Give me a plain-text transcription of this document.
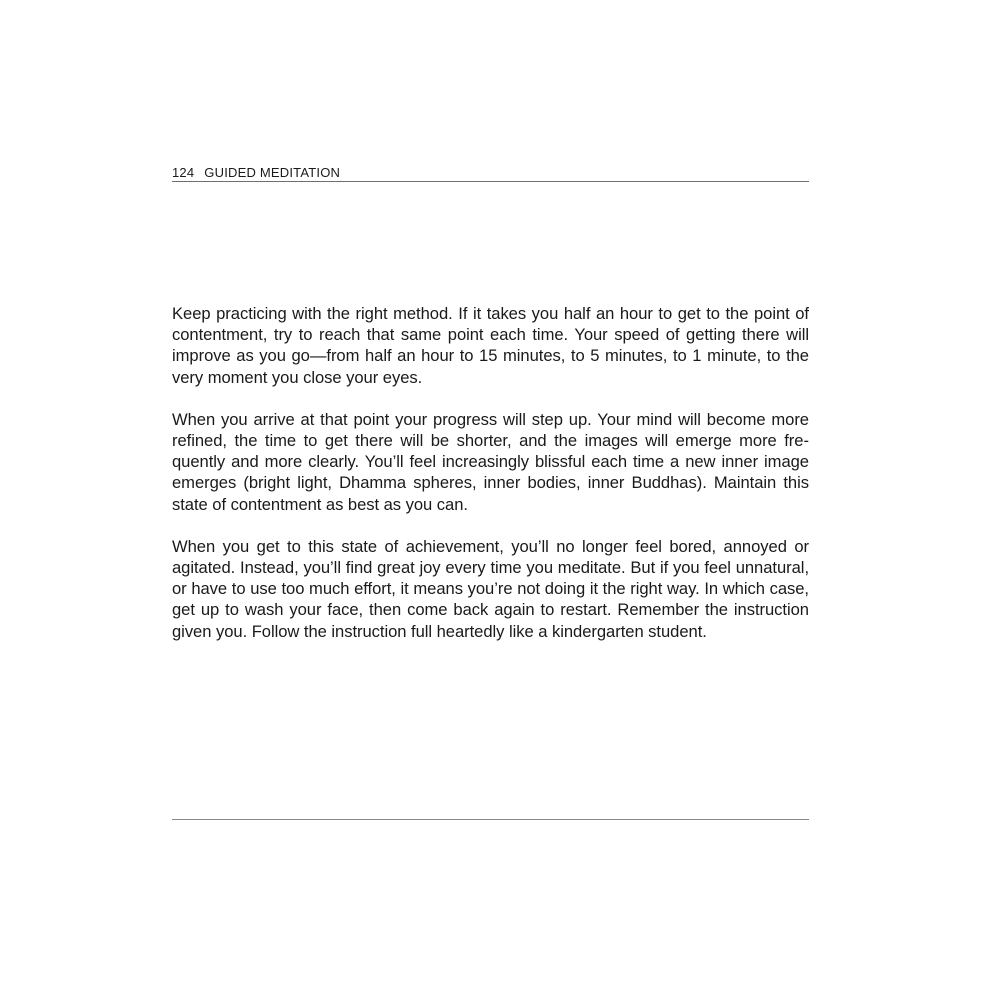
124 GUIDED MEDITATION

Keep practicing with the right method. If it takes you half an hour to get to the point of contentment, try to reach that same point each time. Your speed of getting there will improve as you go—from half an hour to 15 minutes, to 5 minutes, to 1 minute, to the very moment you close your eyes.

When you arrive at that point your progress will step up. Your mind will become more refined, the time to get there will be shorter, and the images will emerge more frequently and more clearly. You’ll feel increasingly blissful each time a new inner image emerges (bright light, Dhamma spheres, inner bodies, inner Buddhas). Maintain this state of contentment as best as you can.

When you get to this state of achievement, you’ll no longer feel bored, annoyed or agitated. Instead, you’ll find great joy every time you meditate. But if you feel unnatural, or have to use too much effort, it means you’re not doing it the right way. In which case, get up to wash your face, then come back again to restart. Remember the instruction given you. Follow the instruction full heartedly like a kindergarten student.
